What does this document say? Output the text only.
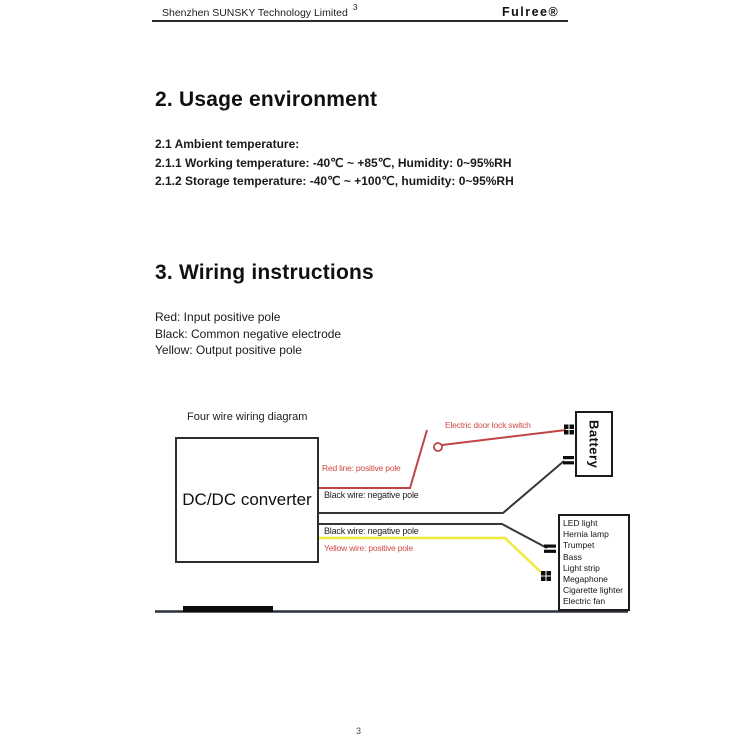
Shenzhen SUNSKY Technology Limited 3	Fulree®
2. Usage environment
2.1 Ambient temperature:
2.1.1 Working temperature: -40℃ ~ +85℃, Humidity: 0~95%RH
2.1.2 Storage temperature: -40℃ ~ +100℃, humidity: 0~95%RH
3. Wiring instructions
Red: Input positive pole
Black: Common negative electrode
Yellow: Output positive pole
Four wire wiring diagram
DC/DC converter
Battery
LED light
Hernia lamp
Trumpet
Bass
Light strip
Megaphone
Cigarette lighter
Electric fan
Electric door lock switch
Red line: positive pole
Black wire: negative pole
Black wire: negative pole
Yellow wire: positive pole
3
